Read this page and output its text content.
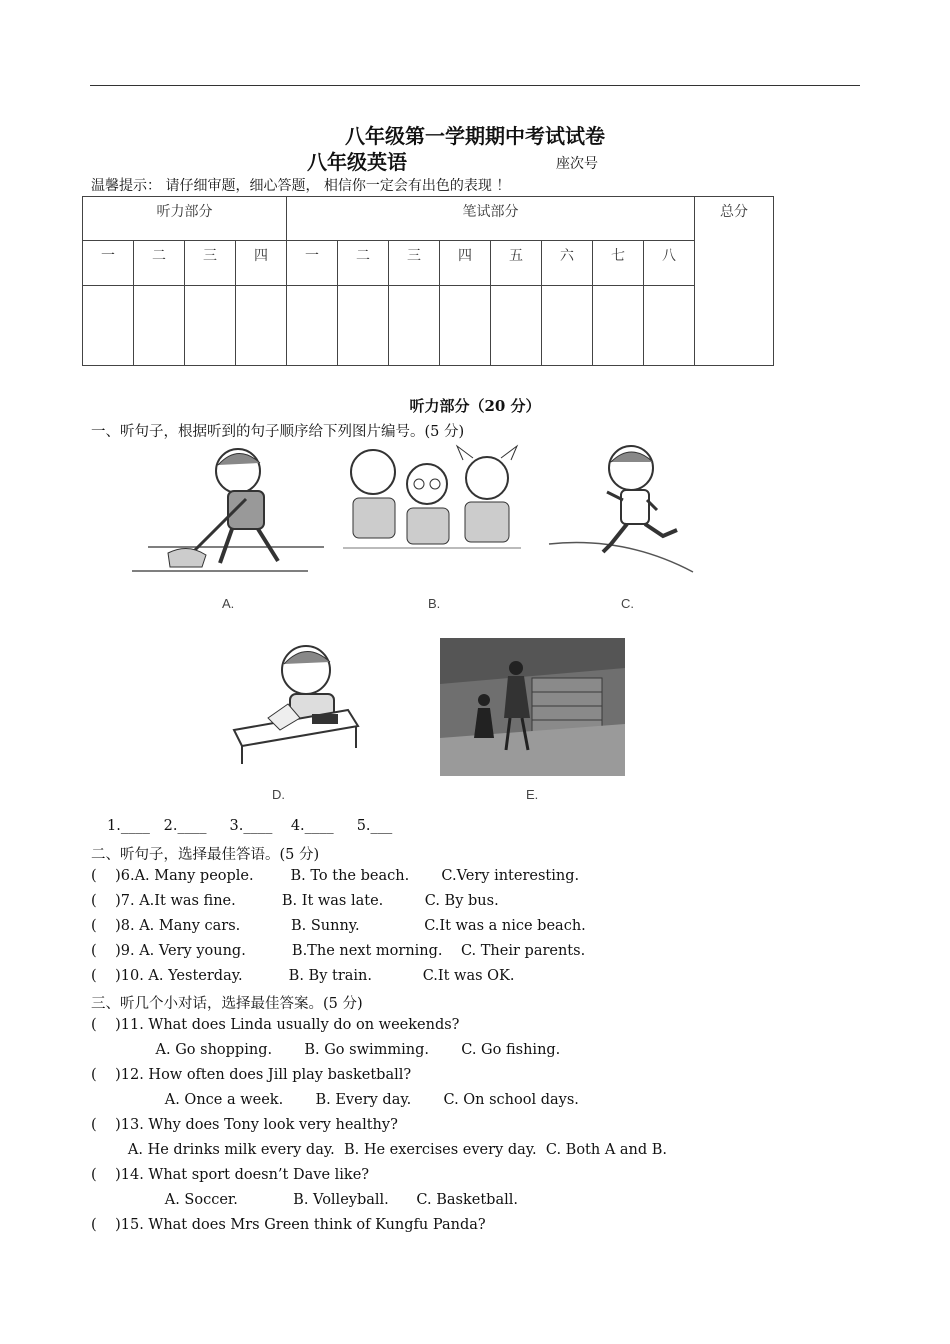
八年级第一学期期中考试试卷
八年级英语	座次号
温馨提示： 请仔细审题，细心答题， 相信你一定会有出色的表现 ！
听力部分				笔试部分								总分
一	二	三	四	一	二	三	四	五	六	七	八	

听力部分（20 分）
一、听句子，根据听到的句子顺序给下列图片编号。(5 分)
A.	B.	C.
D.	E.
1.____   2.____     3.____    4.____     5.___
二、听句子，选择最佳答语。(5 分)
(    )6.A. Many people.        B. To the beach.       C.Very interesting.
(    )7. A.It was fine.          B. It was late.         C. By bus.
(    )8. A. Many cars.           B. Sunny.              C.It was a nice beach.
(    )9. A. Very young.          B.The next morning.    C. Their parents.
(    )10. A. Yesterday.          B. By train.           C.It was OK.
三、听几个小对话，选择最佳答案。(5 分)
(    )11. What does Linda usually do on weekends?
A. Go shopping.       B. Go swimming.       C. Go fishing.
(    )12. How often does Jill play basketball?
A. Once a week.       B. Every day.       C. On school days.
(    )13. Why does Tony look very healthy?
A. He drinks milk every day.  B. He exercises every day.  C. Both A and B.
(    )14. What sport doesn’t Dave like?
A. Soccer.            B. Volleyball.      C. Basketball.
(    )15. What does Mrs Green think of Kungfu Panda?
